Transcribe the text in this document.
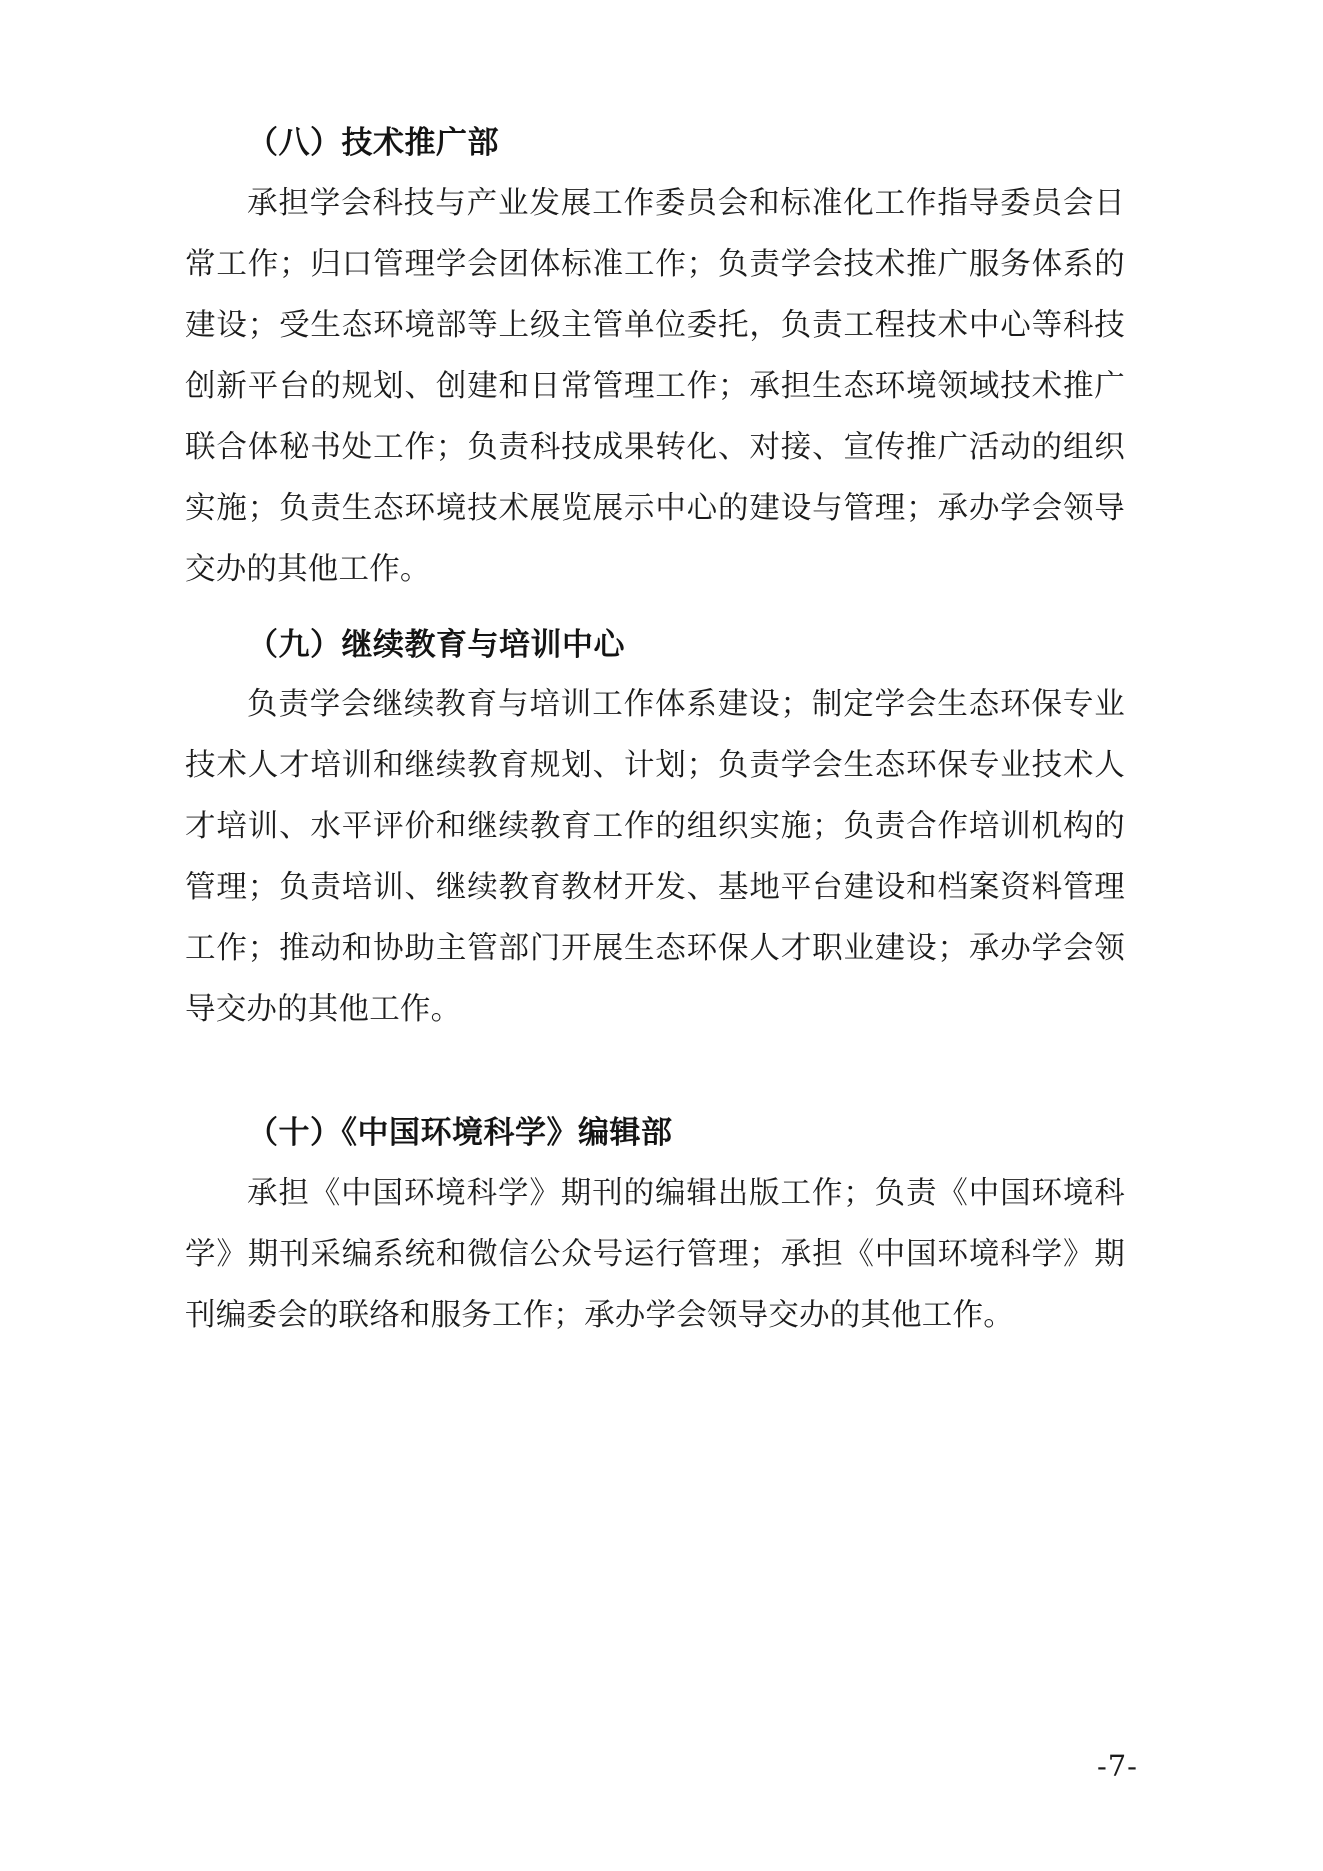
（八）技术推广部

承担学会科技与产业发展工作委员会和标准化工作指导委员会日常工作；归口管理学会团体标准工作；负责学会技术推广服务体系的建设；受生态环境部等上级主管单位委托，负责工程技术中心等科技创新平台的规划、创建和日常管理工作；承担生态环境领域技术推广联合体秘书处工作；负责科技成果转化、对接、宣传推广活动的组织实施；负责生态环境技术展览展示中心的建设与管理；承办学会领导交办的其他工作。

（九）继续教育与培训中心

负责学会继续教育与培训工作体系建设；制定学会生态环保专业技术人才培训和继续教育规划、计划；负责学会生态环保专业技术人才培训、水平评价和继续教育工作的组织实施；负责合作培训机构的管理；负责培训、继续教育教材开发、基地平台建设和档案资料管理工作；推动和协助主管部门开展生态环保人才职业建设；承办学会领导交办的其他工作。

（十）《中国环境科学》编辑部

承担《中国环境科学》期刊的编辑出版工作；负责《中国环境科学》期刊采编系统和微信公众号运行管理；承担《中国环境科学》期刊编委会的联络和服务工作；承办学会领导交办的其他工作。

-7-
